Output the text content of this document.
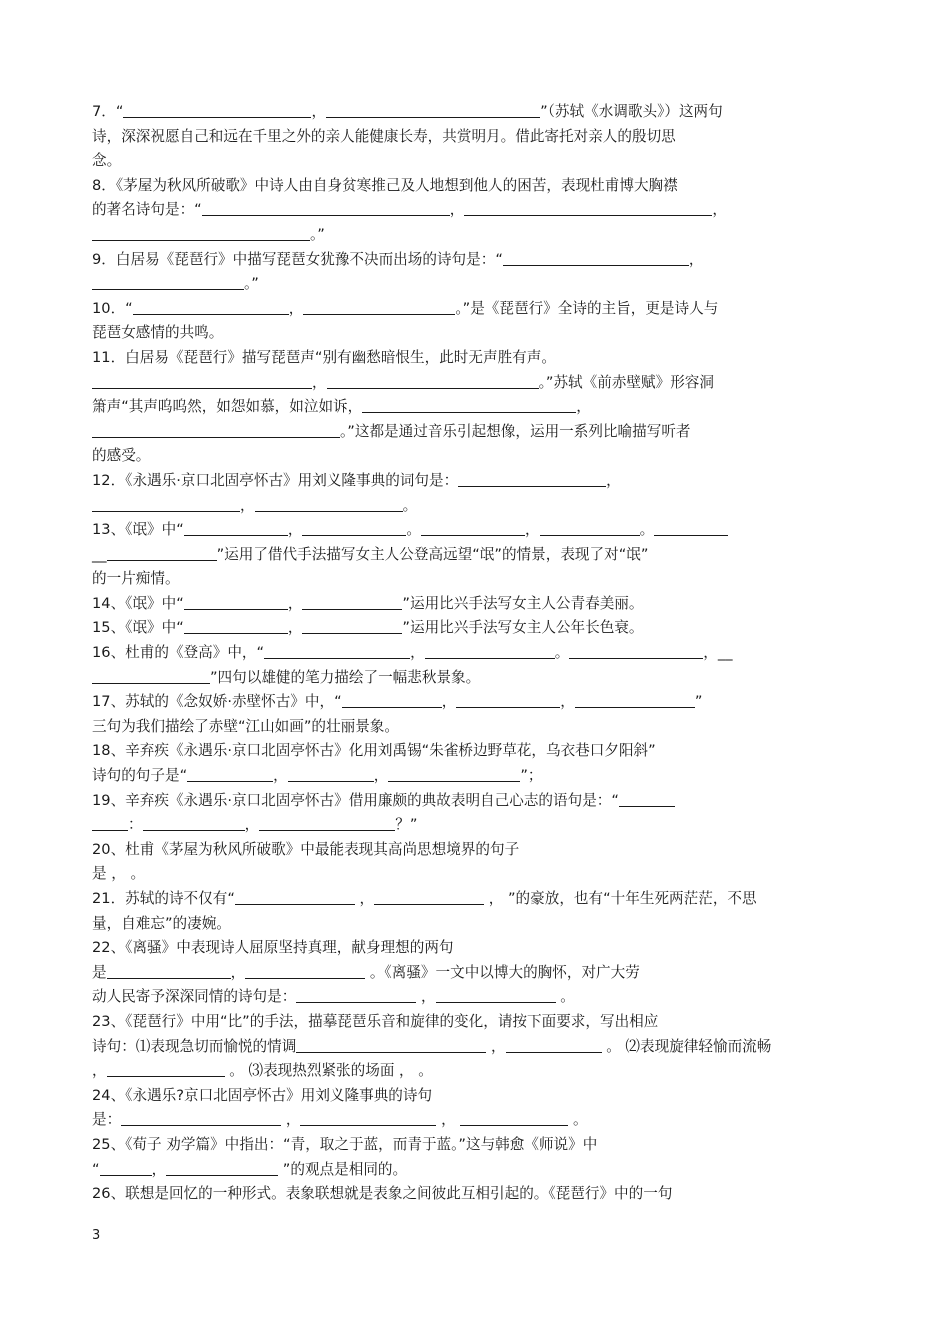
7．“	，	”（苏轼《水调歌头》）这两句
诗，深深祝愿自己和远在千里之外的亲人能健康长寿，共赏明月。借此寄托对亲人的殷切思
念。
8．《茅屋为秋风所破歌》中诗人由自身贫寒推己及人地想到他人的困苦，表现杜甫博大胸襟
的著名诗句是：“	，	，
。”
9．白居易《琵琶行》中描写琵琶女犹豫不决而出场的诗句是：“	，
。”
10．“	，	。”是《琵琶行》全诗的主旨，更是诗人与
琵琶女感情的共鸣。
11．白居易《琵琶行》描写琵琶声“别有幽愁暗恨生，此时无声胜有声。
，	。”苏轼《前赤壁赋》形容洞
箫声“其声呜呜然，如怨如慕，如泣如诉，	，
。”这都是通过音乐引起想像，运用一系列比喻描写听者
的感受。
12．《永遇乐·京口北固亭怀古》用刘义隆事典的词句是：	，
，	。
13、《氓》中“	，	。	，	。
__	”运用了借代手法描写女主人公登高远望“氓”的情景，表现了对“氓”
的一片痴情。
14、《氓》中“	，	”运用比兴手法写女主人公青春美丽。
15、《氓》中“	，	”运用比兴手法写女主人公年长色衰。
16、杜甫的《登高》中，“	，	。	，__
”四句以雄健的笔力描绘了一幅悲秋景象。
17、苏轼的《念奴娇·赤壁怀古》中，“	，	，	”
三句为我们描绘了赤壁“江山如画”的壮丽景象。
18、辛弃疾《永遇乐·京口北固亭怀古》化用刘禹锡“朱雀桥边野草花，乌衣巷口夕阳斜”
诗句的句子是“	，	，	”；
19、辛弃疾《永遇乐·京口北固亭怀古》借用廉颇的典故表明自己心志的语句是：“
：	，	？”
20、杜甫《茅屋为秋风所破歌》中最能表现其高尚思想境界的句子
是 ， 。
21．苏轼的诗不仅有“	，	， ”的豪放，也有“十年生死两茫茫，不思
量，自难忘”的凄婉。
22、《离骚》中表现诗人屈原坚持真理，献身理想的两句
是	，	。《离骚》一文中以博大的胸怀，对广大劳
动人民寄予深深同情的诗句是：	，	。
23、《琵琶行》中用“比”的手法，描摹琵琶乐音和旋律的变化，请按下面要求，写出相应
诗句：⑴表现急切而愉悦的情调	，	。 ⑵表现旋律轻愉而流畅
，	。 ⑶表现热烈紧张的场面 ， 。
24、《永遇乐?京口北固亭怀古》用刘义隆事典的诗句
是：	，	，	。
25、《荀子 劝学篇》中指出：“青，取之于蓝，而青于蓝。”这与韩愈《师说》中
“	，	”的观点是相同的。
26、联想是回忆的一种形式。表象联想就是表象之间彼此互相引起的。《琵琶行》中的一句
3
